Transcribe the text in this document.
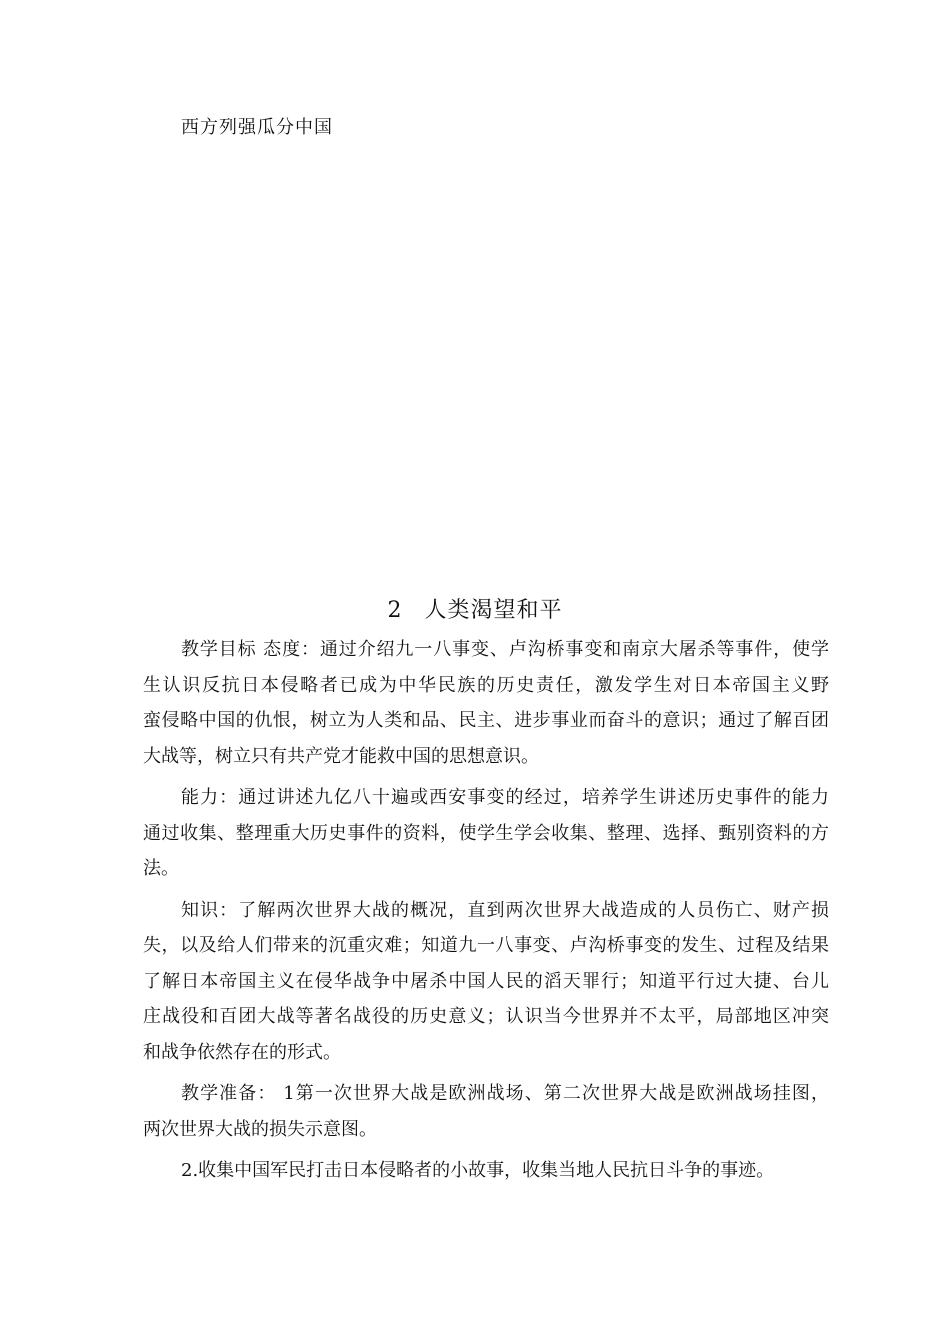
西方列强瓜分中国
2 人类渴望和平
教学目标 态度：通过介绍九一八事变、卢沟桥事变和南京大屠杀等事件，使学
生认识反抗日本侵略者已成为中华民族的历史责任，激发学生对日本帝国主义野
蛮侵略中国的仇恨，树立为人类和品、民主、进步事业而奋斗的意识；通过了解百团
大战等，树立只有共产党才能救中国的思想意识。
能力：通过讲述九亿八十遍或西安事变的经过，培养学生讲述历史事件的能力
通过收集、整理重大历史事件的资料，使学生学会收集、整理、选择、甄别资料的方
法。
知识：了解两次世界大战的概况，直到两次世界大战造成的人员伤亡、财产损
失，以及给人们带来的沉重灾难；知道九一八事变、卢沟桥事变的发生、过程及结果
了解日本帝国主义在侵华战争中屠杀中国人民的滔天罪行；知道平行过大捷、台儿
庄战役和百团大战等著名战役的历史意义；认识当今世界并不太平，局部地区冲突
和战争依然存在的形式。
教学准备： 1第一次世界大战是欧洲战场、第二次世界大战是欧洲战场挂图，
两次世界大战的损失示意图。
2.收集中国军民打击日本侵略者的小故事，收集当地人民抗日斗争的事迹。
